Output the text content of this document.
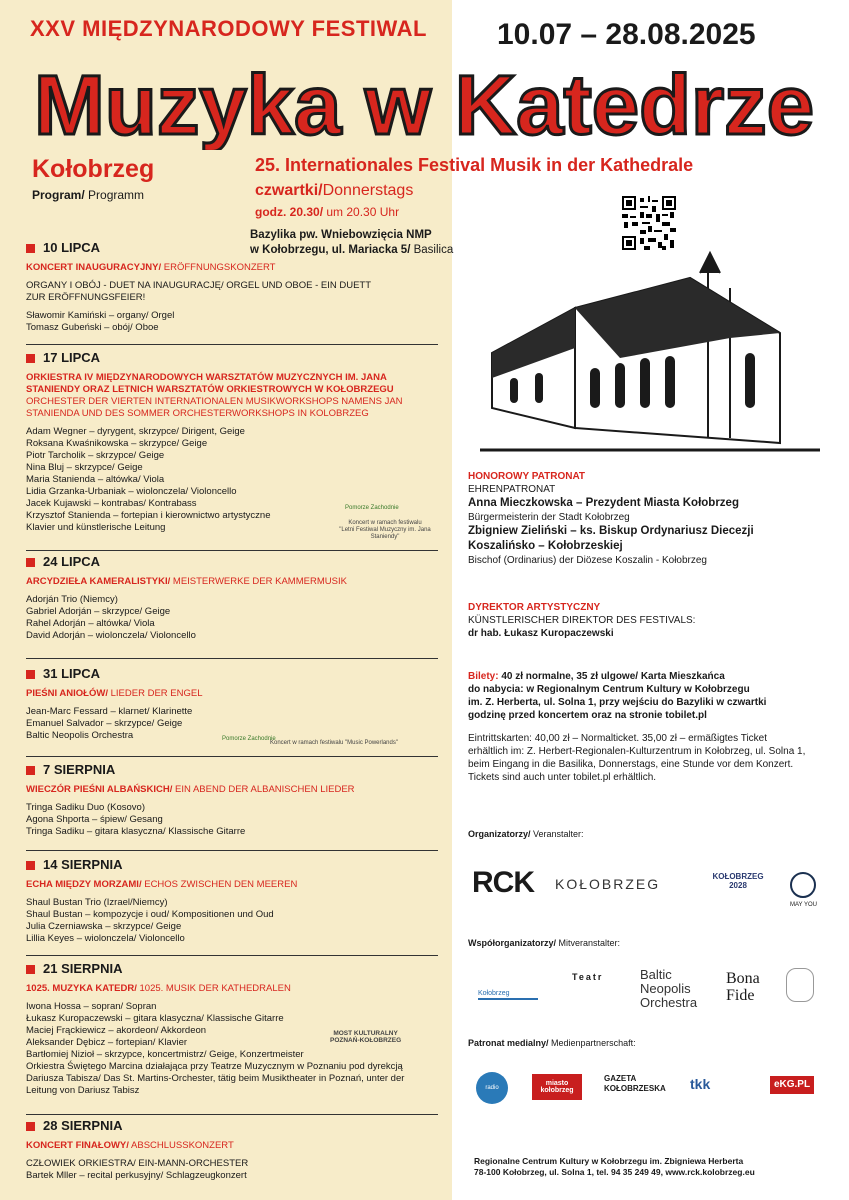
XXV MIĘDZYNARODOWY FESTIWAL 10.07 – 28.08.2025
Muzyka w Katedrze
Kołobrzeg
Program/ Programm
25. Internationales Festival Musik in der Kathedrale
czwartki/Donnerstags
godz. 20.30/ um 20.30 Uhr
Bazylika pw. Wniebowzięcia NMP
w Kołobrzegu, ul. Mariacka 5/ Basilica
10 LIPCA
KONCERT INAUGURACYJNY/ ERÖFFNUNGSKONZERT
ORGANY I OBÓJ - DUET NA INAUGURACJĘ/ ORGEL UND OBOE - EIN DUETT
ZUR ERÖFFNUNGSFEIER!
Sławomir Kamiński – organy/ Orgel
Tomasz Gubeński – obój/ Oboe
17 LIPCA
ORKIESTRA IV MIĘDZYNARODOWYCH WARSZTATÓW MUZYCZNYCH IM. JANA
STANIENDY ORAZ LETNICH WARSZTATÓW ORKIESTROWYCH W KOŁOBRZEGU
ORCHESTER DER VIERTEN INTERNATIONALEN MUSIKWORKSHOPS NAMENS JAN
STANIENDA UND DES SOMMER ORCHESTERWORKSHOPS IN KOLOBRZEG
Adam Wegner – dyrygent, skrzypce/ Dirigent, Geige
Roksana Kwaśnikowska – skrzypce/ Geige
Piotr Tarcholik – skrzypce/ Geige
Nina Bluj – skrzypce/ Geige
Maria Stanienda – altówka/ Viola
Lidia Grzanka-Urbaniak – wiolonczela/ Violoncello
Jacek Kujawski – kontrabas/ Kontrabass
Krzysztof Stanienda – fortepian i kierownictwo artystyczne
Klavier und künstlerische Leitung	Koncert w ramach festiwalu
"Letni Festiwal Muzyczny im. Jana Staniendy"
Pomorze Zachodnie
24 LIPCA
ARCYDZIEŁA KAMERALISTYKI/ MEISTERWERKE DER KAMMERMUSIK
Adorján Trio (Niemcy)
Gabriel Adorján – skrzypce/ Geige
Rahel Adorján – altówka/ Viola
David Adorján – wiolonczela/ Violoncello
31 LIPCA
PIEŚNI ANIOŁÓW/ LIEDER DER ENGEL
Jean-Marc Fessard – klarnet/ Klarinette
Emanuel Salvador – skrzypce/ Geige
Baltic Neopolis Orchestra
Koncert w ramach festiwalu "Music Powerlands"
Pomorze Zachodnie
7 SIERPNIA
WIECZÓR PIEŚNI ALBAŃSKICH/ EIN ABEND DER ALBANISCHEN LIEDER
Tringa Sadiku Duo (Kosovo)
Agona Shporta – śpiew/ Gesang
Tringa Sadiku – gitara klasyczna/ Klassische Gitarre
14 SIERPNIA
ECHA MIĘDZY MORZAMI/ ECHOS ZWISCHEN DEN MEEREN
Shaul Bustan Trio (Izrael/Niemcy)
Shaul Bustan – kompozycje i oud/ Kompositionen und Oud
Julia Czerniawska – skrzypce/ Geige
Lillia Keyes – wiolonczela/ Violoncello
21 SIERPNIA
1025. MUZYKA KATEDR/ 1025. MUSIK DER KATHEDRALEN
Iwona Hossa – sopran/ Sopran
Łukasz Kuropaczewski – gitara klasyczna/ Klassische Gitarre
Maciej Frąckiewicz – akordeon/ Akkordeon
Aleksander Dębicz – fortepian/ Klavier
Bartłomiej Nizioł – skrzypce, koncertmistrz/ Geige, Konzertmeister
Orkiestra Świętego Marcina działająca przy Teatrze Muzycznym w Poznaniu pod dyrekcją
Dariusza Tabisza/ Das St. Martins-Orchester, tätig beim Musiktheater in Poznań, unter der
Leitung von Dariusz Tabisz
MOST KULTURALNY
POZNAŃ-KOŁOBRZEG
28 SIERPNIA
KONCERT FINAŁOWY/ ABSCHLUSSKONZERT
CZŁOWIEK ORKIESTRA/ EIN-MANN-ORCHESTER
Bartek Mller – recital perkusyjny/ Schlagzeugkonzert
HONOROWY PATRONAT
EHRENPATRONAT
Anna Mieczkowska – Prezydent Miasta Kołobrzeg
Bürgermeisterin der Stadt Kołobrzeg
Zbigniew Zieliński – ks. Biskup Ordynariusz Diecezji
Koszalińsko – Kołobrzeskiej
Bischof (Ordinarius) der Diözese Koszalin - Kołobrzeg
DYREKTOR ARTYSTYCZNY
KÜNSTLERISCHER DIREKTOR DES FESTIVALS:
dr hab. Łukasz Kuropaczewski
Bilety: 40 zł normalne, 35 zł ulgowe/ Karta Mieszkańca
do nabycia: w Regionalnym Centrum Kultury w Kołobrzegu
im. Z. Herberta, ul. Solna 1, przy wejściu do Bazyliki w czwartki
godzinę przed koncertem oraz na stronie tobilet.pl
Eintrittskarten: 40,00 zł – Normalticket. 35,00 zł – ermäßigtes Ticket
erhältlich im: Z. Herbert-Regionalen-Kulturzentrum in Kołobrzeg, ul. Solna 1,
beim Eingang in die Basilika, Donnerstags, eine Stunde vor dem Konzert.
Tickets sind auch unter tobilet.pl erhältlich.
Organizatorzy/ Veranstalter:
RCK KOŁOBRZEG	KOŁOBRZEG 2028
MAY YOU
Współorganizatorzy/ Mitveranstalter:
Kołobrzeg
Teatr	Baltic Neopolis Orchestra
Bona Fide
Patronat medialny/ Medienpartnerschaft:
radio
miasto kołobrzeg
GAZETA KOŁOBRZESKA tkk	eKG.PL
Regionalne Centrum Kultury w Kołobrzegu im. Zbigniewa Herberta
78-100 Kołobrzeg, ul. Solna 1, tel. 94 35 249 49, www.rck.kolobrzeg.eu
